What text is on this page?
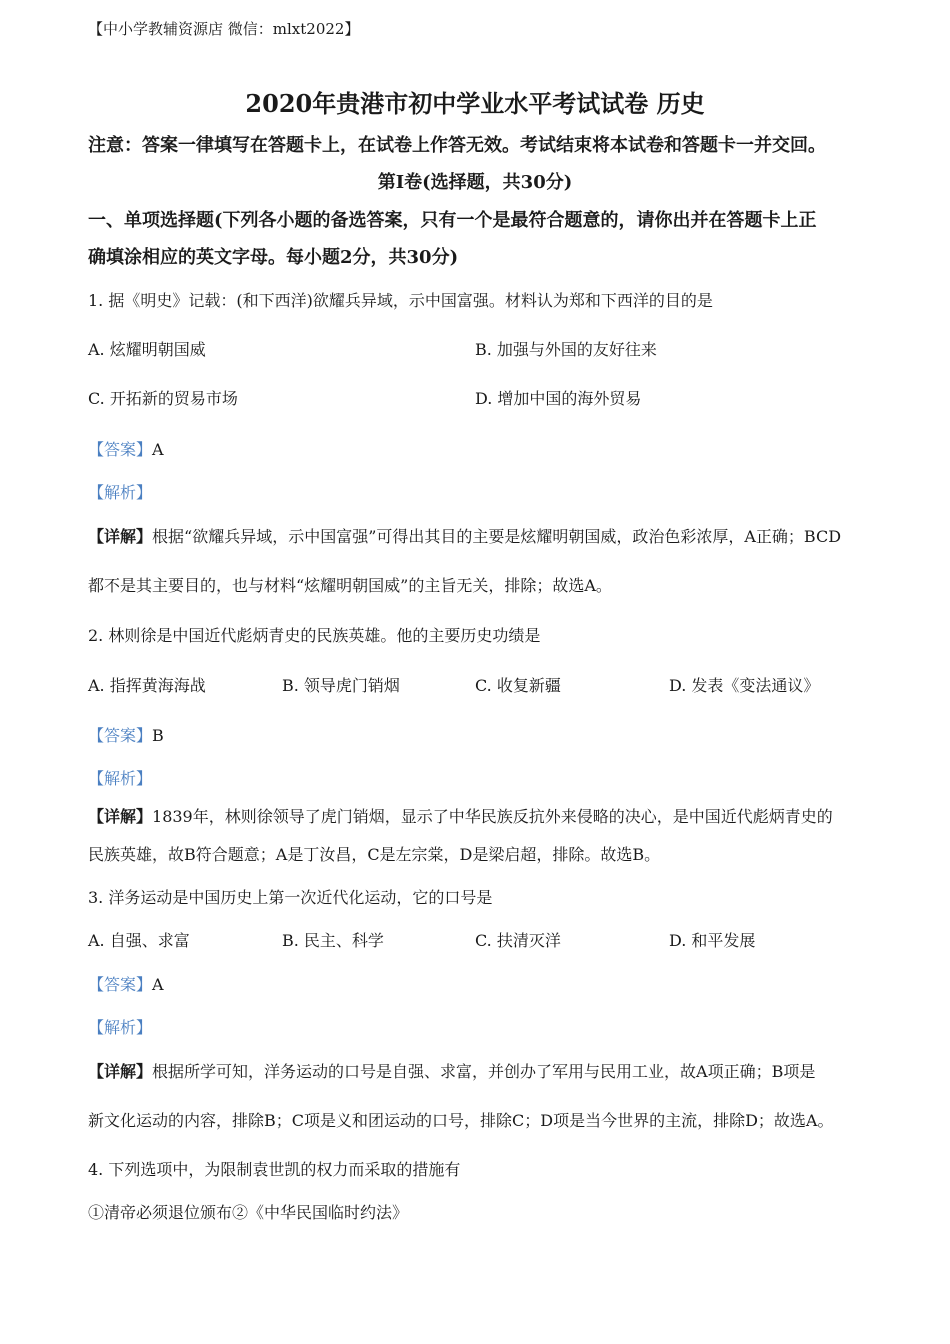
【中小学教辅资源店 微信：mlxt2022】
2020年贵港市初中学业水平考试试卷 历史
注意：答案一律填写在答题卡上，在试卷上作答无效。考试结束将本试卷和答题卡一并交回。
第Ⅰ卷(选择题，共30分)
一、单项选择题(下列各小题的备选答案，只有一个是最符合题意的，请你出并在答题卡上正
确填涂相应的英文字母。每小题2分，共30分)
1. 据《明史》记载：(和下西洋)欲耀兵异域，示中国富强。材料认为郑和下西洋的目的是
A. 炫耀明朝国威	B. 加强与外国的友好往来
C. 开拓新的贸易市场	D. 增加中国的海外贸易
【答案】A
【解析】
【详解】根据“欲耀兵异域，示中国富强”可得出其目的主要是炫耀明朝国威，政治色彩浓厚，A正确；BCD
都不是其主要目的，也与材料“炫耀明朝国威”的主旨无关，排除；故选A。
2. 林则徐是中国近代彪炳青史的民族英雄。他的主要历史功绩是
A. 指挥黄海海战	B. 领导虎门销烟	C. 收复新疆	D. 发表《变法通议》
【答案】B
【解析】
【详解】1839年，林则徐领导了虎门销烟，显示了中华民族反抗外来侵略的决心，是中国近代彪炳青史的
民族英雄，故B符合题意；A是丁汝昌，C是左宗棠，D是梁启超，排除。故选B。
3. 洋务运动是中国历史上第一次近代化运动，它的口号是
A. 自强、求富	B. 民主、科学	C. 扶清灭洋	D. 和平发展
【答案】A
【解析】
【详解】根据所学可知，洋务运动的口号是自强、求富，并创办了军用与民用工业，故A项正确；B项是
新文化运动的内容，排除B；C项是义和团运动的口号，排除C；D项是当今世界的主流，排除D；故选A。
4. 下列选项中，为限制袁世凯的权力而采取的措施有
①清帝必须退位颁布②《中华民国临时约法》
